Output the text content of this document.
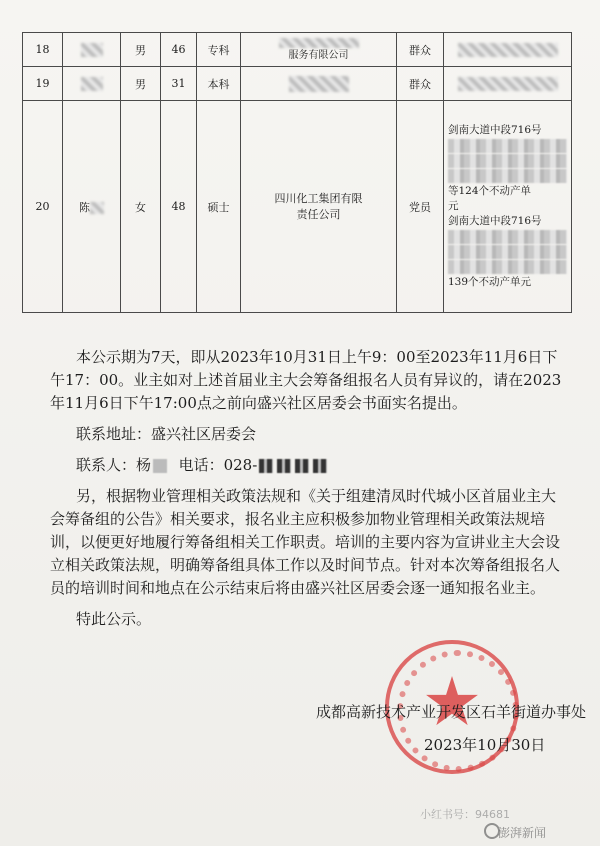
18		男	46	专科	服务有限公司	群众	
19		男	31	本科		群众	
20	陈	女	48	硕士	四川化工集团有限责任公司	党员	剑南大道中段716号
等124个不动产单
元
剑南大道中段716号
139个不动产单元

本公示期为7天，即从2023年10月31日上午9：00至2023年11月6日下午17：00。业主如对上述首届业主大会筹备组报名人员有异议的，请在2023年11月6日下午17:00点之前向盛兴社区居委会书面实名提出。

联系地址：盛兴社区居委会

联系人：杨 电话：028-

另，根据物业管理相关政策法规和《关于组建清凤时代城小区首届业主大会筹备组的公告》相关要求，报名业主应积极参加物业管理相关政策法规培训，以便更好地履行筹备组相关工作职责。培训的主要内容为宣讲业主大会设立相关政策法规，明确筹备组具体工作以及时间节点。针对本次筹备组报名人员的培训时间和地点在公示结束后将由盛兴社区居委会逐一通知报名业主。

特此公示。

成都高新技术产业开发区石羊街道办事处
2023年10月30日
小红书号：94681
澎湃新闻
